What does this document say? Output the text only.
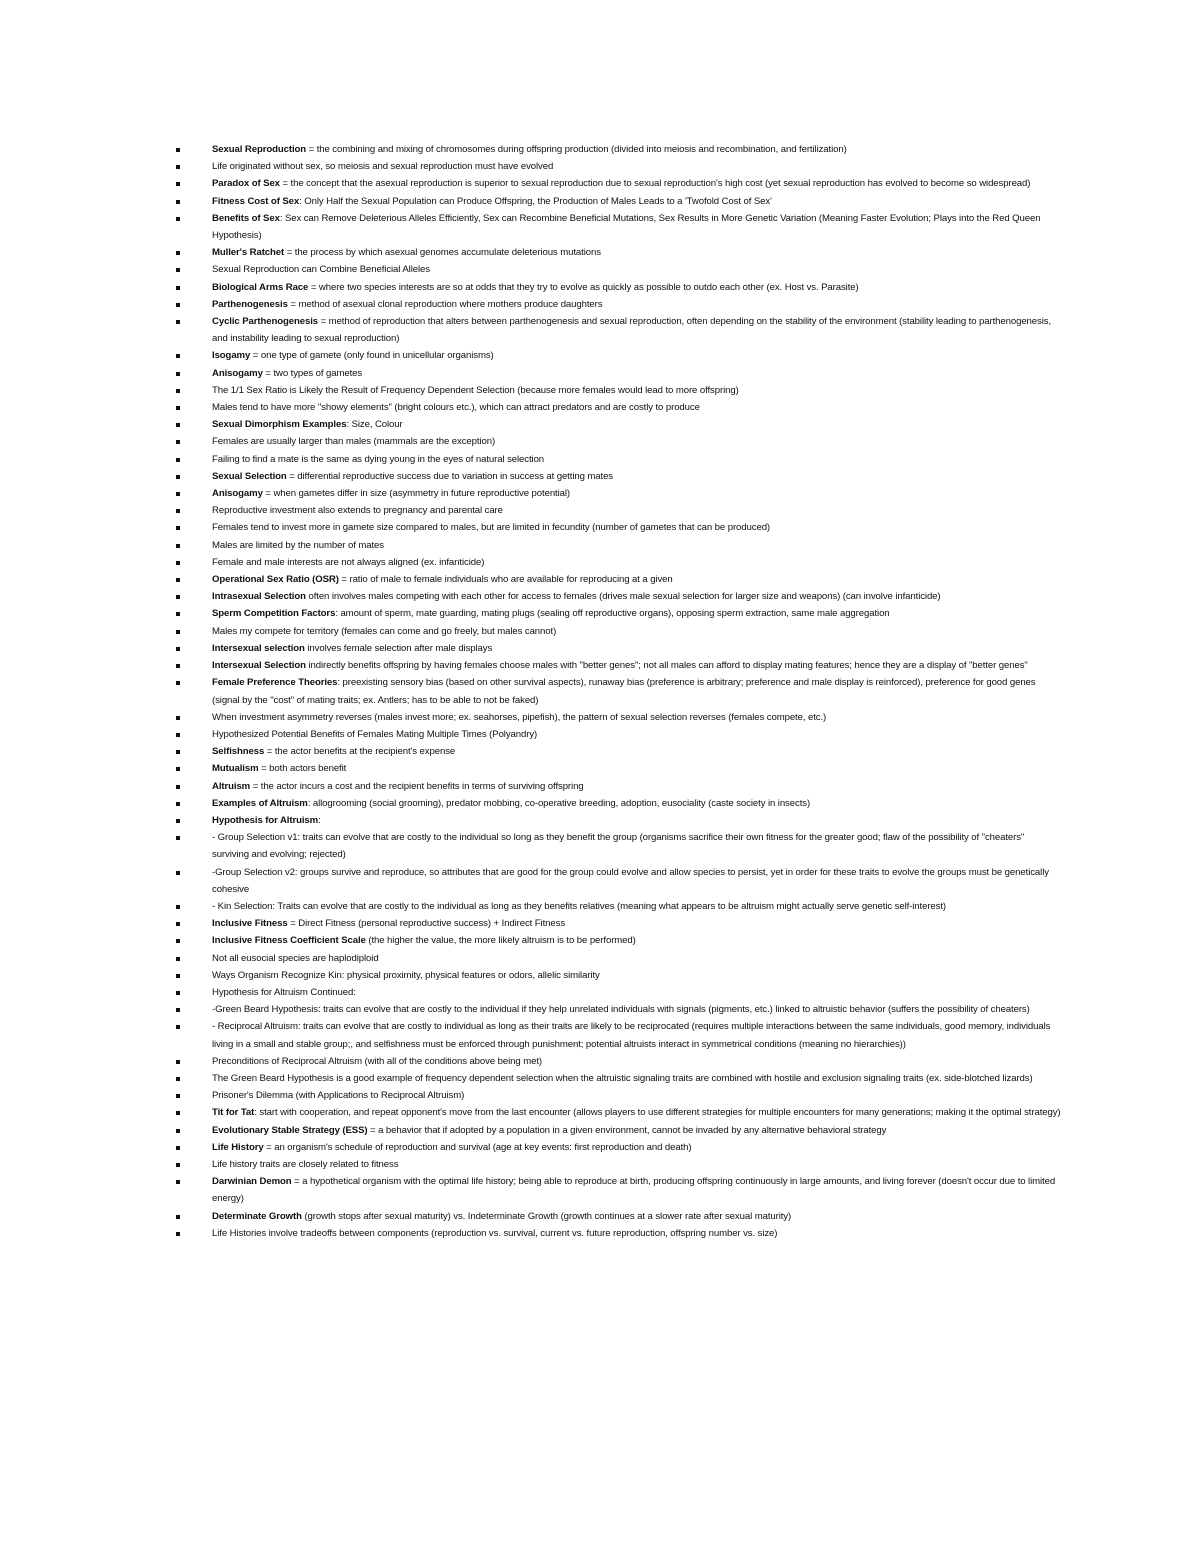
Sexual Reproduction = the combining and mixing of chromosomes during offspring production (divided into meiosis and recombination, and fertilization)
Life originated without sex, so meiosis and sexual reproduction must have evolved
Paradox of Sex = the concept that the asexual reproduction is superior to sexual reproduction due to sexual reproduction's high cost (yet sexual reproduction has evolved to become so widespread)
Fitness Cost of Sex: Only Half the Sexual Population can Produce Offspring, the Production of Males Leads to a 'Twofold Cost of Sex'
Benefits of Sex: Sex can Remove Deleterious Alleles Efficiently, Sex can Recombine Beneficial Mutations, Sex Results in More Genetic Variation (Meaning Faster Evolution; Plays into the Red Queen Hypothesis)
Muller's Ratchet = the process by which asexual genomes accumulate deleterious mutations
Sexual Reproduction can Combine Beneficial Alleles
Biological Arms Race = where two species interests are so at odds that they try to evolve as quickly as possible to outdo each other (ex. Host vs. Parasite)
Parthenogenesis = method of asexual clonal reproduction where mothers produce daughters
Cyclic Parthenogenesis = method of reproduction that alters between parthenogenesis and sexual reproduction, often depending on the stability of the environment (stability leading to parthenogenesis, and instability leading to sexual reproduction)
Isogamy = one type of gamete (only found in unicellular organisms)
Anisogamy = two types of gametes
The 1/1 Sex Ratio is Likely the Result of Frequency Dependent Selection (because more females would lead to more offspring)
Males tend to have more "showy elements" (bright colours etc.), which can attract predators and are costly to produce
Sexual Dimorphism Examples: Size, Colour
Females are usually larger than males (mammals are the exception)
Failing to find a mate is the same as dying young in the eyes of natural selection
Sexual Selection = differential reproductive success due to variation in success at getting mates
Anisogamy = when gametes differ in size (asymmetry in future reproductive potential)
Reproductive investment also extends to pregnancy and parental care
Females tend to invest more in gamete size compared to males, but are limited in fecundity (number of gametes that can be produced)
Males are limited by the number of mates
Female and male interests are not always aligned (ex. infanticide)
Operational Sex Ratio (OSR) = ratio of male to female individuals who are available for reproducing at a given
Intrasexual Selection often involves males competing with each other for access to females (drives male sexual selection for larger size and weapons) (can involve infanticide)
Sperm Competition Factors: amount of sperm, mate guarding, mating plugs (sealing off reproductive organs), opposing sperm extraction, same male aggregation
Males my compete for territory (females can come and go freely, but males cannot)
Intersexual selection involves female selection after male displays
Intersexual Selection indirectly benefits offspring by having females choose males with "better genes"; not all males can afford to display mating features; hence they are a display of "better genes"
Female Preference Theories: preexisting sensory bias (based on other survival aspects), runaway bias (preference is arbitrary; preference and male display is reinforced), preference for good genes (signal by the "cost" of mating traits; ex. Antlers; has to be able to not be faked)
When investment asymmetry reverses (males invest more; ex. seahorses, pipefish), the pattern of sexual selection reverses (females compete, etc.)
Hypothesized Potential Benefits of Females Mating Multiple Times (Polyandry)
Selfishness = the actor benefits at the recipient's expense
Mutualism = both actors benefit
Altruism = the actor incurs a cost and the recipient benefits in terms of surviving offspring
Examples of Altruism: allogrooming (social grooming), predator mobbing, co-operative breeding, adoption, eusociality (caste society in insects)
Hypothesis for Altruism:
- Group Selection v1: traits can evolve that are costly to the individual so long as they benefit the group (organisms sacrifice their own fitness for the greater good; flaw of the possibility of "cheaters" surviving and evolving; rejected)
-Group Selection v2: groups survive and reproduce, so attributes that are good for the group could evolve and allow species to persist, yet in order for these traits to evolve the groups must be genetically cohesive
- Kin Selection: Traits can evolve that are costly to the individual as long as they benefits relatives (meaning what appears to be altruism might actually serve genetic self-interest)
Inclusive Fitness = Direct Fitness (personal reproductive success) + Indirect Fitness
Inclusive Fitness Coefficient Scale (the higher the value, the more likely altruism is to be performed)
Not all eusocial species are haplodiploid
Ways Organism Recognize Kin: physical proximity, physical features or odors, allelic similarity
Hypothesis for Altruism Continued:
-Green Beard Hypothesis: traits can evolve that are costly to the individual if they help unrelated individuals with signals (pigments, etc.) linked to altruistic behavior (suffers the possibility of cheaters)
- Reciprocal Altruism: traits can evolve that are costly to individual as long as their traits are likely to be reciprocated (requires multiple interactions between the same individuals, good memory, individuals living in a small and stable group;, and selfishness must be enforced through punishment; potential altruists interact in symmetrical conditions (meaning no hierarchies))
Preconditions of Reciprocal Altruism (with all of the conditions above being met)
The Green Beard Hypothesis is a good example of frequency dependent selection when the altruistic signaling traits are combined with hostile and exclusion signaling traits (ex. side-blotched lizards)
Prisoner's Dilemma (with Applications to Reciprocal Altruism)
Tit for Tat: start with cooperation, and repeat opponent's move from the last encounter (allows players to use different strategies for multiple encounters for many generations; making it the optimal strategy)
Evolutionary Stable Strategy (ESS) = a behavior that if adopted by a population in a given environment, cannot be invaded by any alternative behavioral strategy
Life History = an organism's schedule of reproduction and survival (age at key events: first reproduction and death)
Life history traits are closely related to fitness
Darwinian Demon = a hypothetical organism with the optimal life history; being able to reproduce at birth, producing offspring continuously in large amounts, and living forever (doesn't occur due to limited energy)
Determinate Growth (growth stops after sexual maturity) vs. Indeterminate Growth (growth continues at a slower rate after sexual maturity)
Life Histories involve tradeoffs between components (reproduction vs. survival, current vs. future reproduction, offspring number vs. size)
